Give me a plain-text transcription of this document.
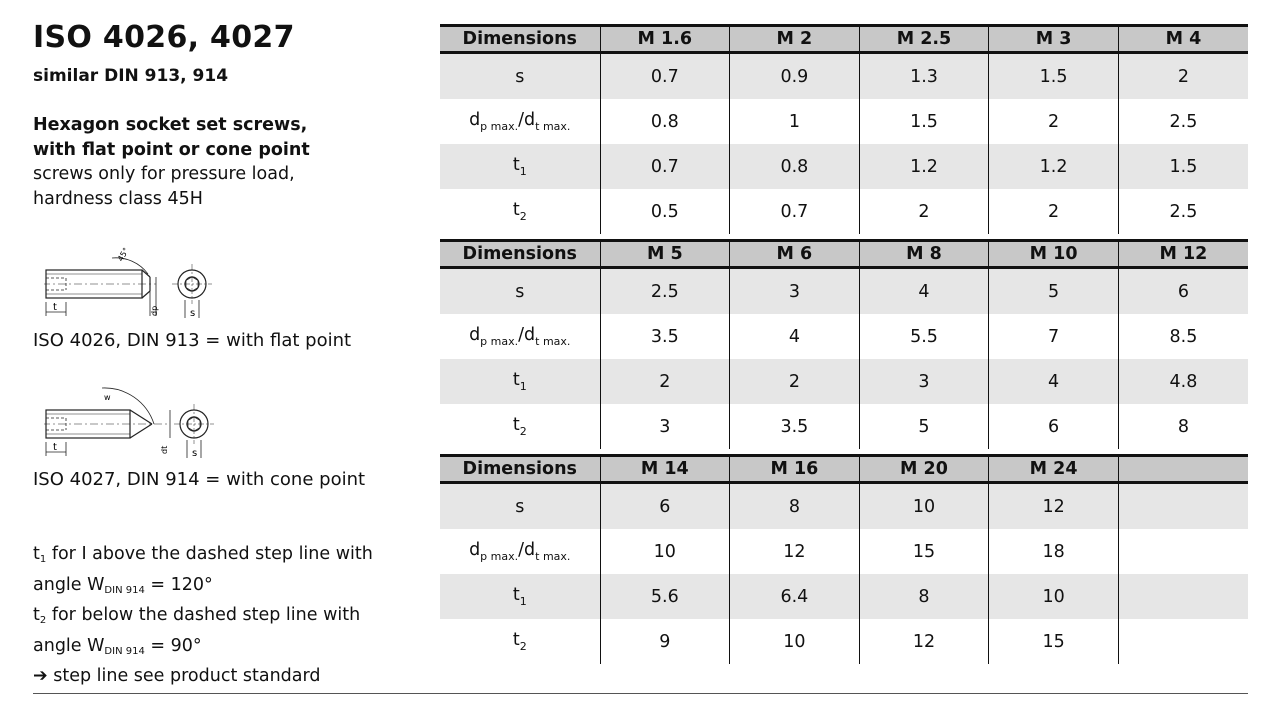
ISO 4026, 4027
similar DIN 913, 914
Hexagon socket set screws,
with flat point or cone point
screws only for pressure load,
hardness class 45H
t	dp	s
45°
ISO 4026, DIN 913 = with flat point
t	dt s
w
ISO 4027, DIN 914 = with cone point
$t_1$ for I above the dashed step line with
angle $W_{DIN 914} = 120^\circ$
$t_2$ for below the dashed step line with
angle $W_{DIN 914} = 90^\circ$
➔ step line see product standard
Dimensions	M 1.6	M 2	M 2.5	M 3	M 4
s	0.7	0.9	1.3	1.5	2
$d_{p max.}/d_{t max.}$	0.8	1	1.5	2	2.5
$t_1$	0.7	0.8	1.2	1.2	1.5
$t_2$	0.5	0.7	2	2	2.5
Dimensions	M 5	M 6	M 8	M 10	M 12
s	2.5	3	4	5	6
$d_{p max.}/d_{t max.}$	3.5	4	5.5	7	8.5
$t_1$	2	2	3	4	4.8
$t_2$	3	3.5	5	6	8
Dimensions	M 14	M 16	M 20	M 24	
s	6	8	10	12	
$d_{p max.}/d_{t max.}$	10	12	15	18	
$t_1$	5.6	6.4	8	10	
$t_2$	9	10	12	15	
